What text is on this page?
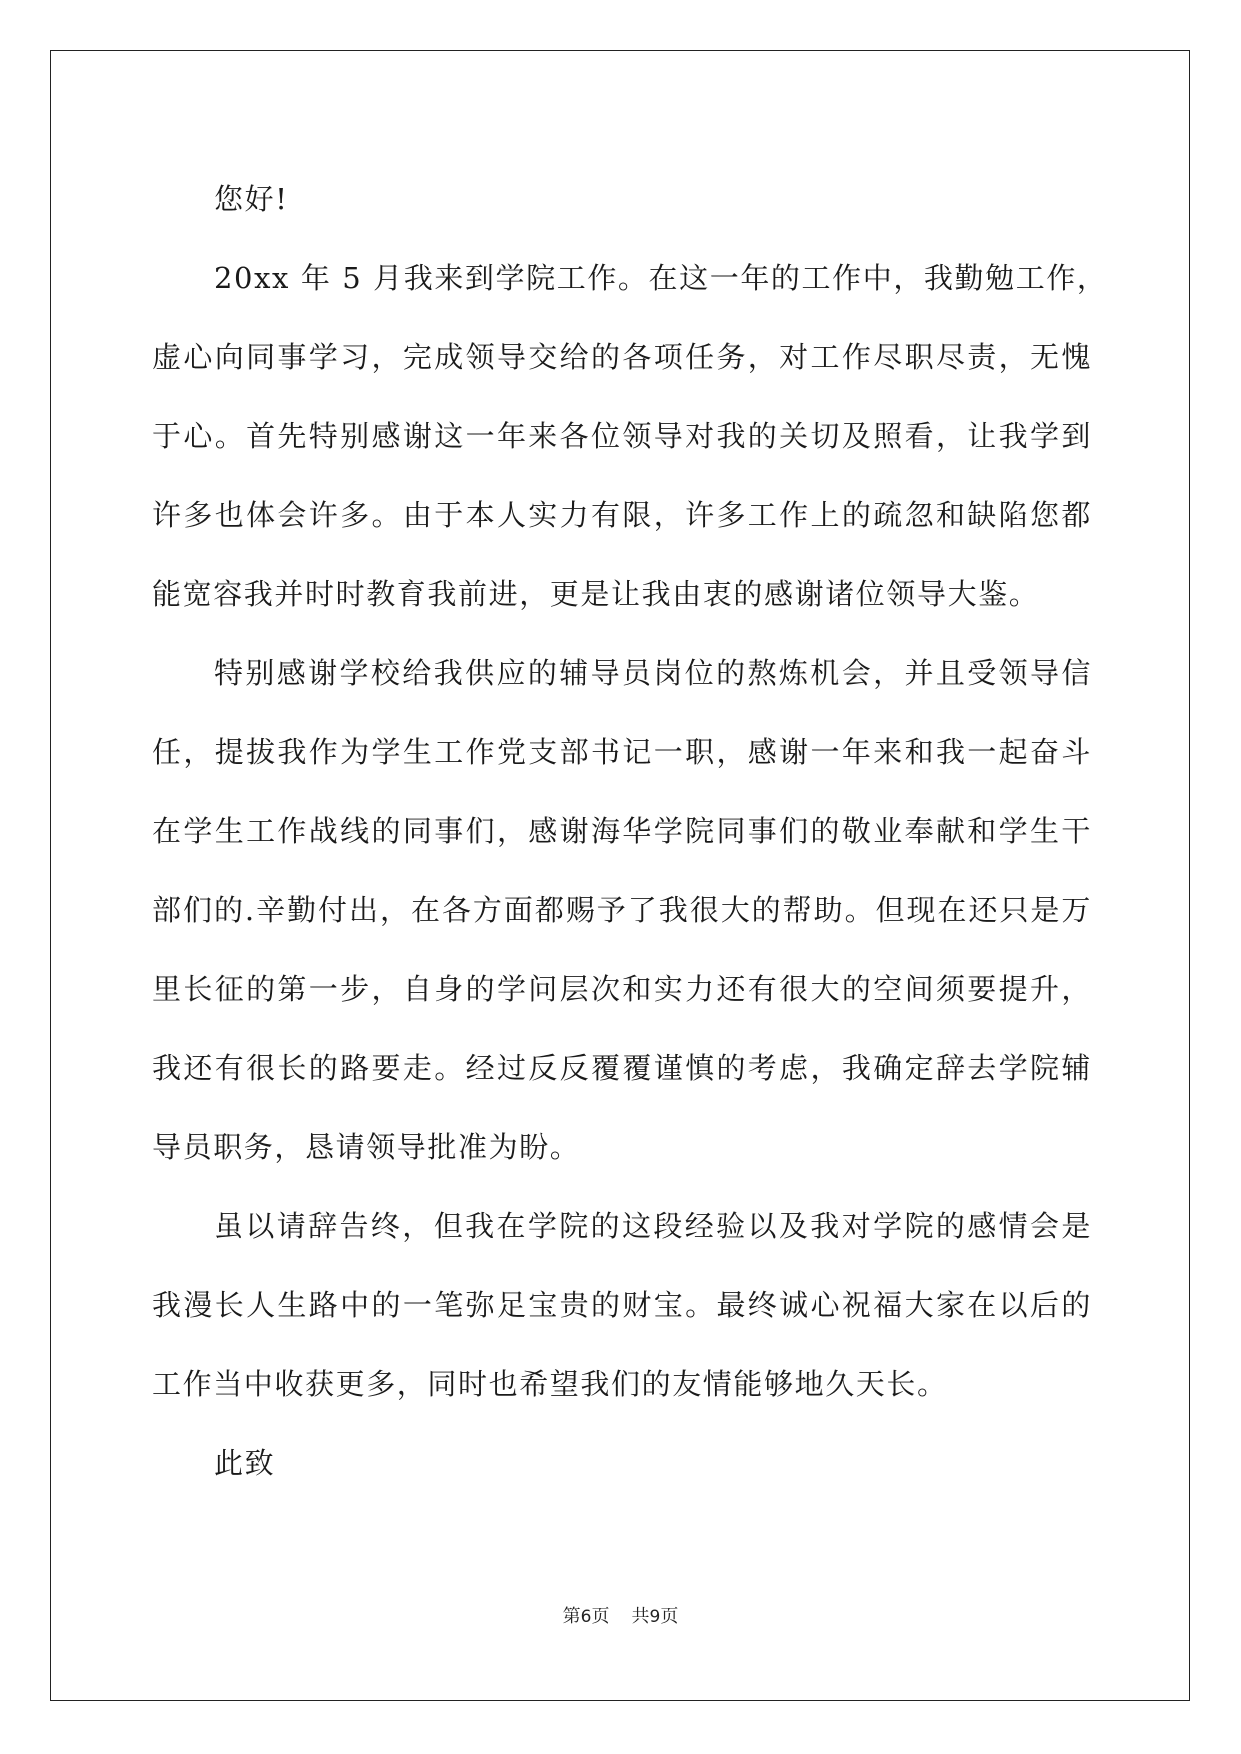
您好!
20xx 年 5 月我来到学院工作。在这一年的工作中，我勤勉工作，
虚心向同事学习，完成领导交给的各项任务，对工作尽职尽责，无愧
于心。首先特别感谢这一年来各位领导对我的关切及照看，让我学到
许多也体会许多。由于本人实力有限，许多工作上的疏忽和缺陷您都
能宽容我并时时教育我前进，更是让我由衷的感谢诸位领导大鉴。
特别感谢学校给我供应的辅导员岗位的熬炼机会，并且受领导信
任，提拔我作为学生工作党支部书记一职，感谢一年来和我一起奋斗
在学生工作战线的同事们，感谢海华学院同事们的敬业奉献和学生干
部们的.辛勤付出，在各方面都赐予了我很大的帮助。但现在还只是万
里长征的第一步，自身的学问层次和实力还有很大的空间须要提升，
我还有很长的路要走。经过反反覆覆谨慎的考虑，我确定辞去学院辅
导员职务，恳请领导批准为盼。
虽以请辞告终，但我在学院的这段经验以及我对学院的感情会是
我漫长人生路中的一笔弥足宝贵的财宝。最终诚心祝福大家在以后的
工作当中收获更多，同时也希望我们的友情能够地久天长。
此致
第6页 共9页
